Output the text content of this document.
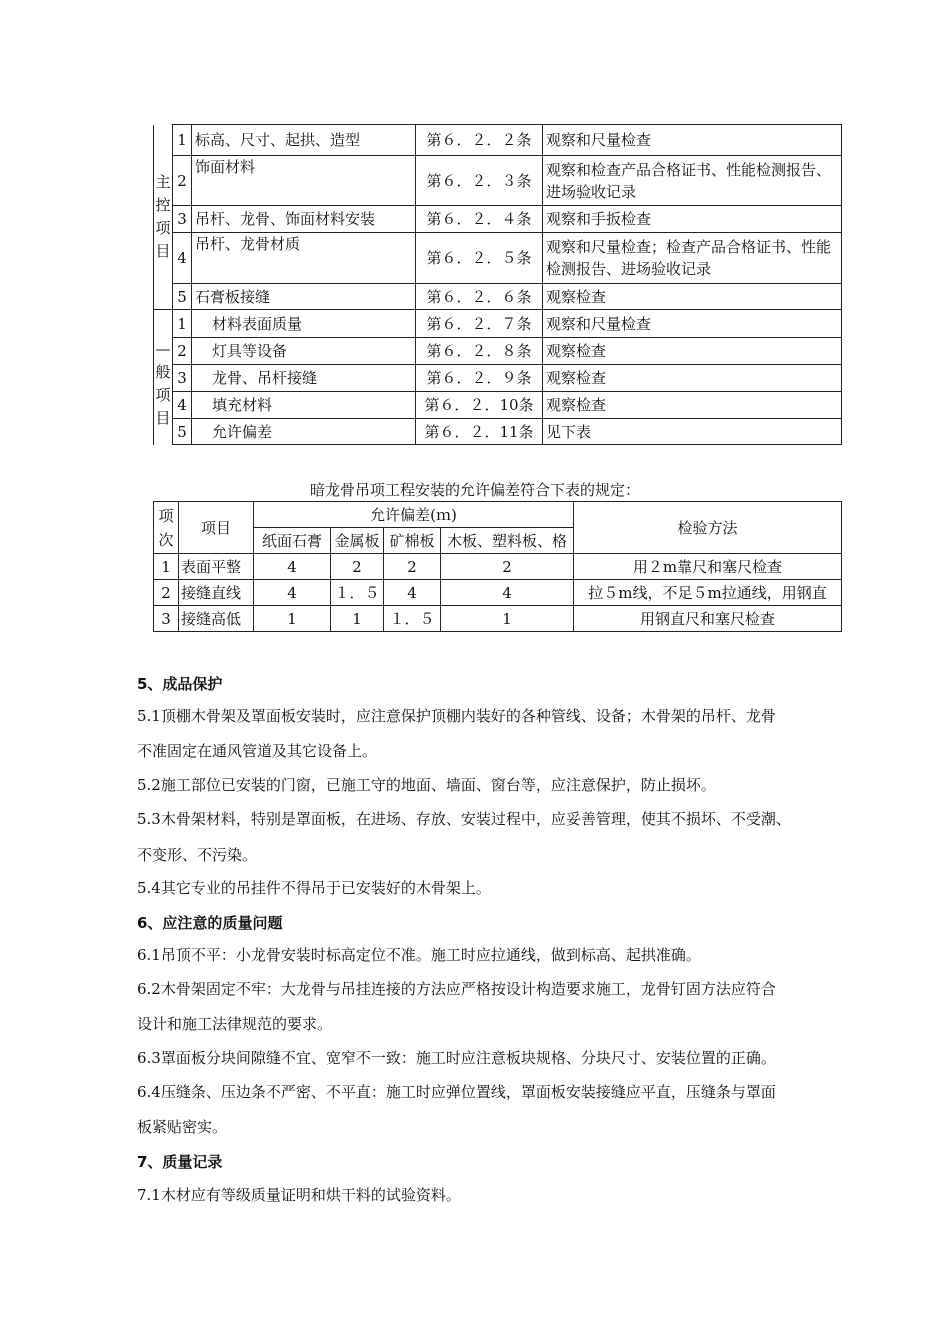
主
控
项
目	1	标高、尺寸、起拱、造型	第６．２．２条	观察和尺量检查
	2	饰面材料	第６．２．３条	观察和检查产品合格证书、性能检测报告、进场验收记录
	3	吊杆、龙骨、饰面材料安装	第６．２．４条	观察和手扳检查
	4	吊杆、龙骨材质	第６．２．５条	观察和尺量检查；检查产品合格证书、性能检测报告、进场验收记录
	5	石膏板接缝	第６．２．６条	观察检查

—
般
项
目	1	材料表面质量	第６．２．７条	观察和尺量检查
	2	灯具等设备	第６．２．８条	观察检查
	3	龙骨、吊杆接缝	第６．２．９条	观察检查
	4	填充材料	第６．２．10条	观察检查
	5	允许偏差	第６．２．11条	见下表
暗龙骨吊项工程安装的允许偏差符合下表的规定：
项次	项目	允许偏差(ｍ)				检验方法
		纸面石膏	金属板	矿棉板	木板、塑料板、格	
1	表面平整	4	2	2	2	用２m靠尺和塞尺检查
2	接缝直线	4	１．５	4	4	拉５m线，不足５m拉通线，用钢直
3	接缝高低	1	1	１．５	1	用钢直尺和塞尺检查
5、成品保护
5.1顶棚木骨架及罩面板安装时，应注意保护顶棚内装好的各种管线、设备；木骨架的吊杆、龙骨
不准固定在通风管道及其它设备上。
5.2施工部位已安装的门窗，已施工守的地面、墙面、窗台等，应注意保护，防止损坏。
5.3木骨架材料，特别是罩面板，在进场、存放、安装过程中，应妥善管理，使其不损坏、不受潮、
不变形、不污染。
5.4其它专业的吊挂件不得吊于已安装好的木骨架上。
6、应注意的质量问题
6.1吊顶不平：小龙骨安装时标高定位不准。施工时应拉通线，做到标高、起拱准确。
6.2木骨架固定不牢：大龙骨与吊挂连接的方法应严格按设计构造要求施工，龙骨钉固方法应符合
设计和施工法律规范的要求。
6.3罩面板分块间隙缝不宜、宽窄不一致：施工时应注意板块规格、分块尺寸、安装位置的正确。
6.4压缝条、压边条不严密、不平直：施工时应弹位置线，罩面板安装接缝应平直，压缝条与罩面
板紧贴密实。
7、质量记录
7.1木材应有等级质量证明和烘干料的试验资料。
